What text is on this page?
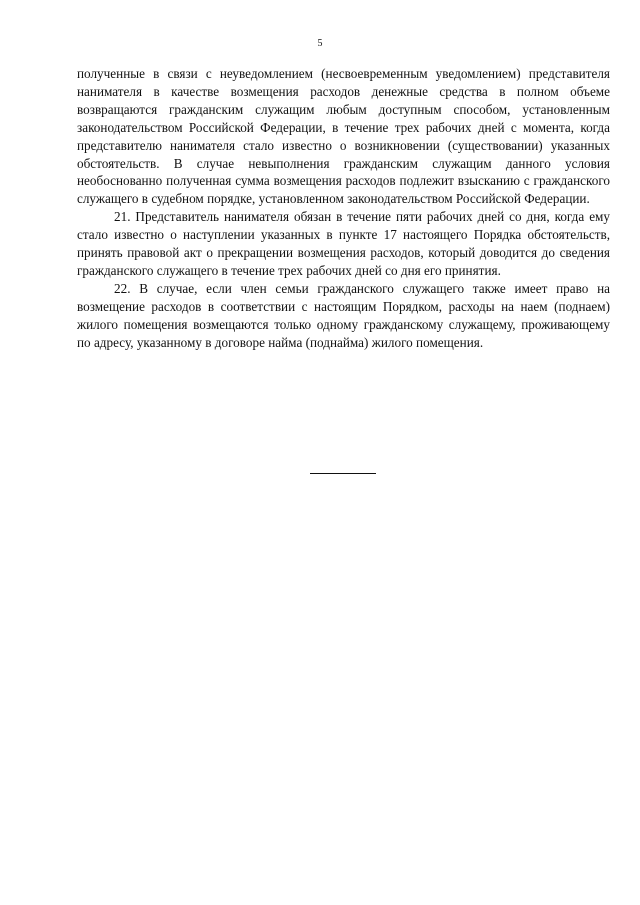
5

полученные в связи с неуведомлением (несвоевременным уведомлением) представителя нанимателя в качестве возмещения расходов денежные средства в полном объеме возвращаются гражданским служащим любым доступным способом, установленным законодательством Российской Федерации, в течение трех рабочих дней с момента, когда представителю нанимателя стало известно о возникновении (существовании) указанных обстоятельств. В случае невыполнения гражданским служащим данного условия необоснованно полученная сумма возмещения расходов подлежит взысканию с гражданского служащего в судебном порядке, установленном законодательством Российской Федерации.

21. Представитель нанимателя обязан в течение пяти рабочих дней со дня, когда ему стало известно о наступлении указанных в пункте 17 настоящего Порядка обстоятельств, принять правовой акт о прекращении возмещения расходов, который доводится до сведения гражданского служащего в течение трех рабочих дней со дня его принятия.

22. В случае, если член семьи гражданского служащего также имеет право на возмещение расходов в соответствии с настоящим Порядком, расходы на наем (поднаем) жилого помещения возмещаются только одному гражданскому служащему, проживающему по адресу, указанному в договоре найма (поднайма) жилого помещения.
